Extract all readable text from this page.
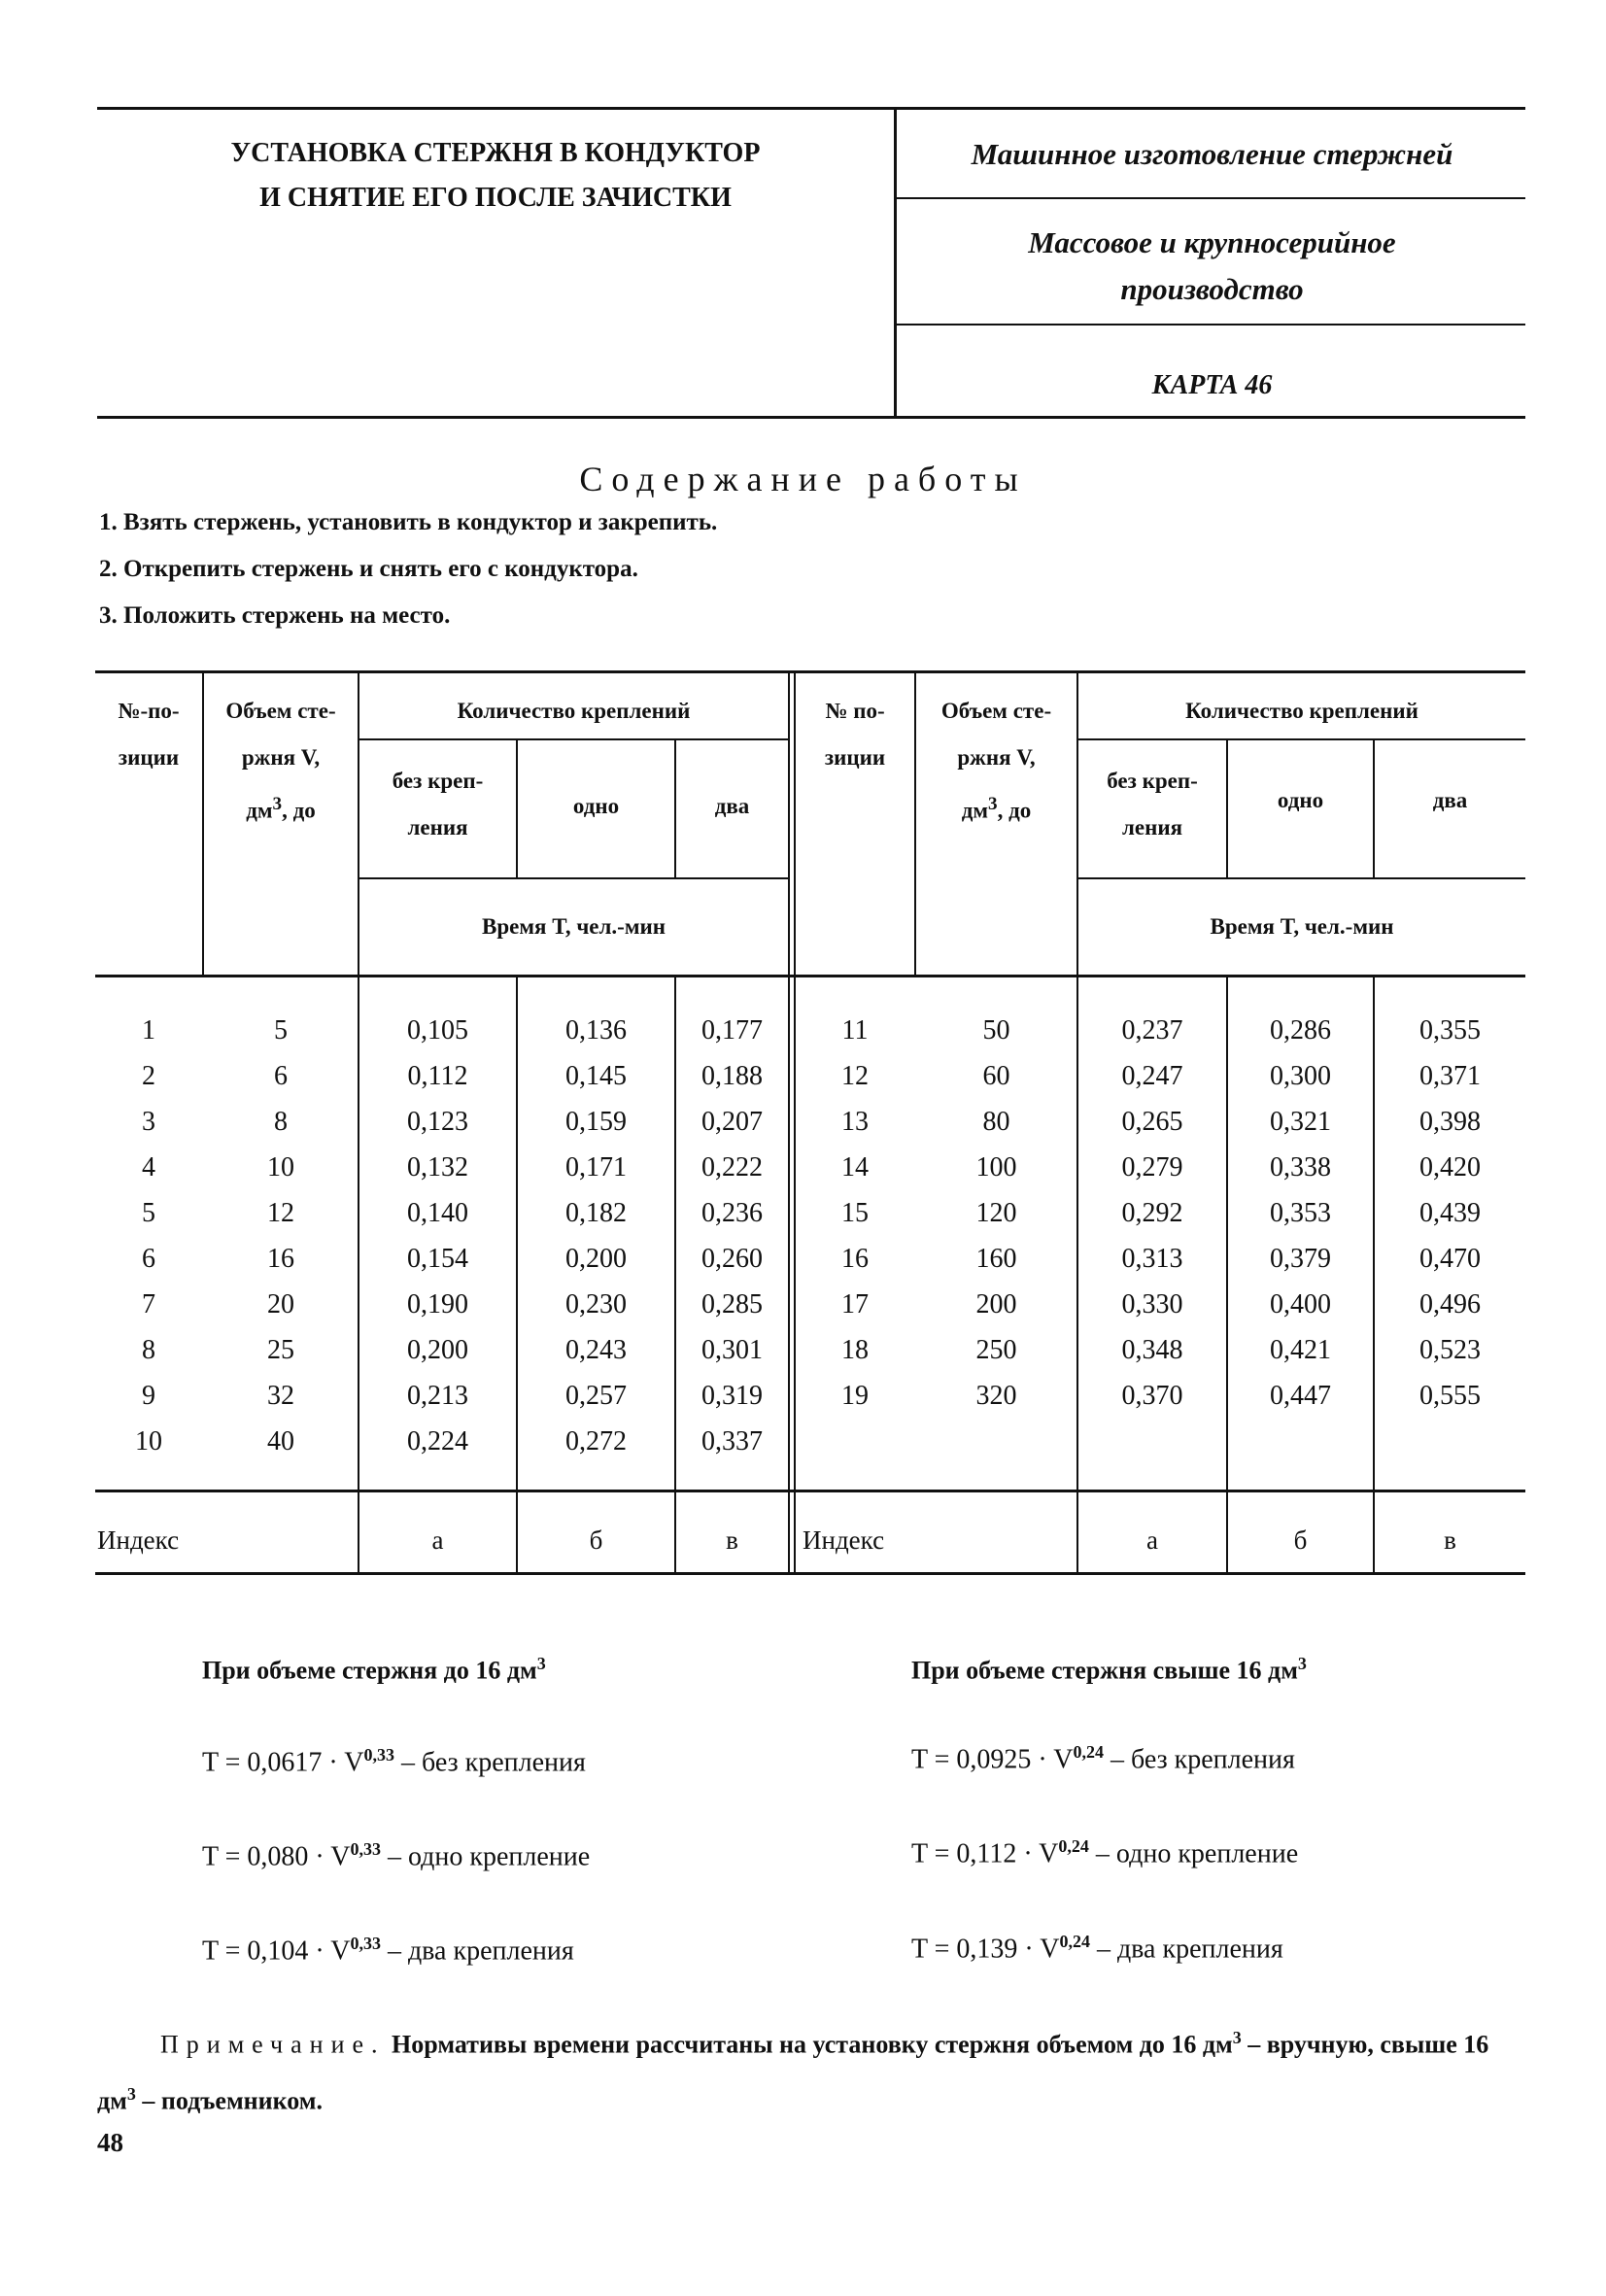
УСТАНОВКА СТЕРЖНЯ В КОНДУКТОР
И СНЯТИЕ ЕГО ПОСЛЕ ЗАЧИСТКИ
Машинное изготовление стержней
Массовое и крупносерийное
производство
КАРТА 46
Содержание работы
1. Взять стержень, установить в кондуктор и закрепить.
2. Открепить стержень и снять его с кондуктора.
3. Положить стержень на место.
№-по-
зиции
Объем сте-
ржня V,
$дм^3$, до
Количество креплений
без креп-
ления
одно	два
Время T, чел.-мин
№ по-
зиции
Объем сте-
ржня V,
$дм^3$, до
Количество креплений
без креп-
ления
одно	два
Время T, чел.-мин
1	5	0,105	0,136	0,177
2	6	0,112	0,145	0,188
3	8	0,123	0,159	0,207
4	10	0,132	0,171	0,222
5	12	0,140	0,182	0,236
6	16	0,154	0,200	0,260
7	20	0,190	0,230	0,285
8	25	0,200	0,243	0,301
9	32	0,213	0,257	0,319
10	40	0,224	0,272	0,337
11	50	0,237	0,286	0,355
12	60	0,247	0,300	0,371
13	80	0,265	0,321	0,398
14	100	0,279	0,338	0,420
15	120	0,292	0,353	0,439
16	160	0,313	0,379	0,470
17	200	0,330	0,400	0,496
18	250	0,348	0,421	0,523
19	320	0,370	0,447	0,555
Индекс	а	б	в	Индекс	а	б	в
При объеме стержня до 16 $дм^3$	При объеме стержня свыше 16 $дм^3$
T = 0,0617 · V$^{0,33}$ – без крепления
T = 0,080 · V$^{0,33}$ – одно крепление
T = 0,104 · V$^{0,33}$ – два крепления
T = 0,0925 · V$^{0,24}$ – без крепления
T = 0,112 · V$^{0,24}$ – одно крепление
T = 0,139 · V$^{0,24}$ – два крепления
Примечание. Нормативы времени рассчитаны на установку стержня объемом до 16 $дм^3$ – вручную, свыше 16 $дм^3$ – подъемником.
48
